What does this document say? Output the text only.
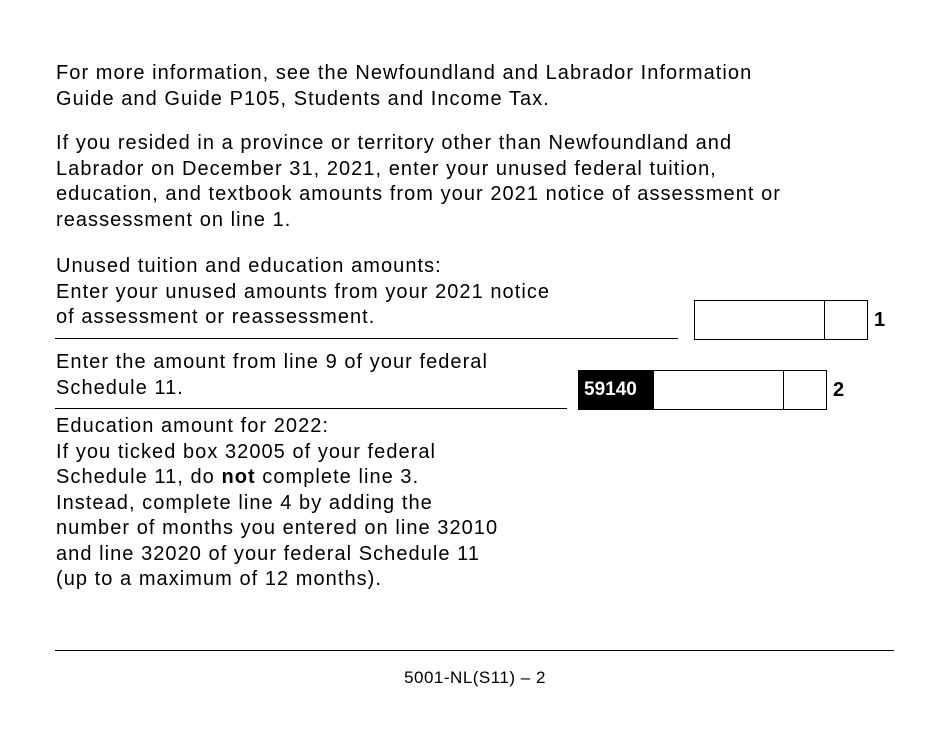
For more information, see the Newfoundland and Labrador Information
Guide and Guide P105, Students and Income Tax.

If you resided in a province or territory other than Newfoundland and
Labrador on December 31, 2021, enter your unused federal tuition,
education, and textbook amounts from your 2021 notice of assessment or
reassessment on line 1.

Unused tuition and education amounts:
Enter your unused amounts from your 2021 notice
of assessment or reassessment.	1

Enter the amount from line 9 of your federal
Schedule 11.	59140	2
Education amount for 2022:
If you ticked box 32005 of your federal
Schedule 11, do not complete line 3.
Instead, complete line 4 by adding the
number of months you entered on line 32010
and line 32020 of your federal Schedule 11
(up to a maximum of 12 months).
5001-NL(S11) – 2
